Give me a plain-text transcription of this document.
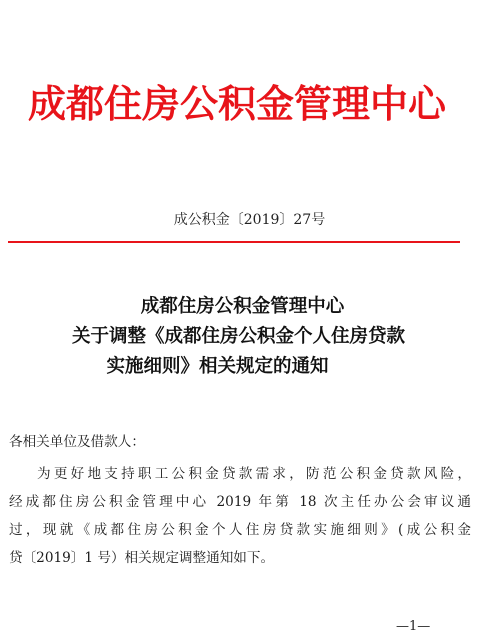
成都住房公积金管理中心
成公积金〔2019〕27号
成都住房公积金管理中心
关于调整《成都住房公积金个人住房贷款
实施细则》相关规定的通知
各相关单位及借款人：
为更好地支持职工公积金贷款需求，防范公积金贷款风险，
经成都住房公积金管理中心 2019 年第 18 次主任办公会审议通
过，现就《成都住房公积金个人住房贷款实施细则》(成公积金
贷〔2019〕1 号）相关规定调整通知如下。
—1—
